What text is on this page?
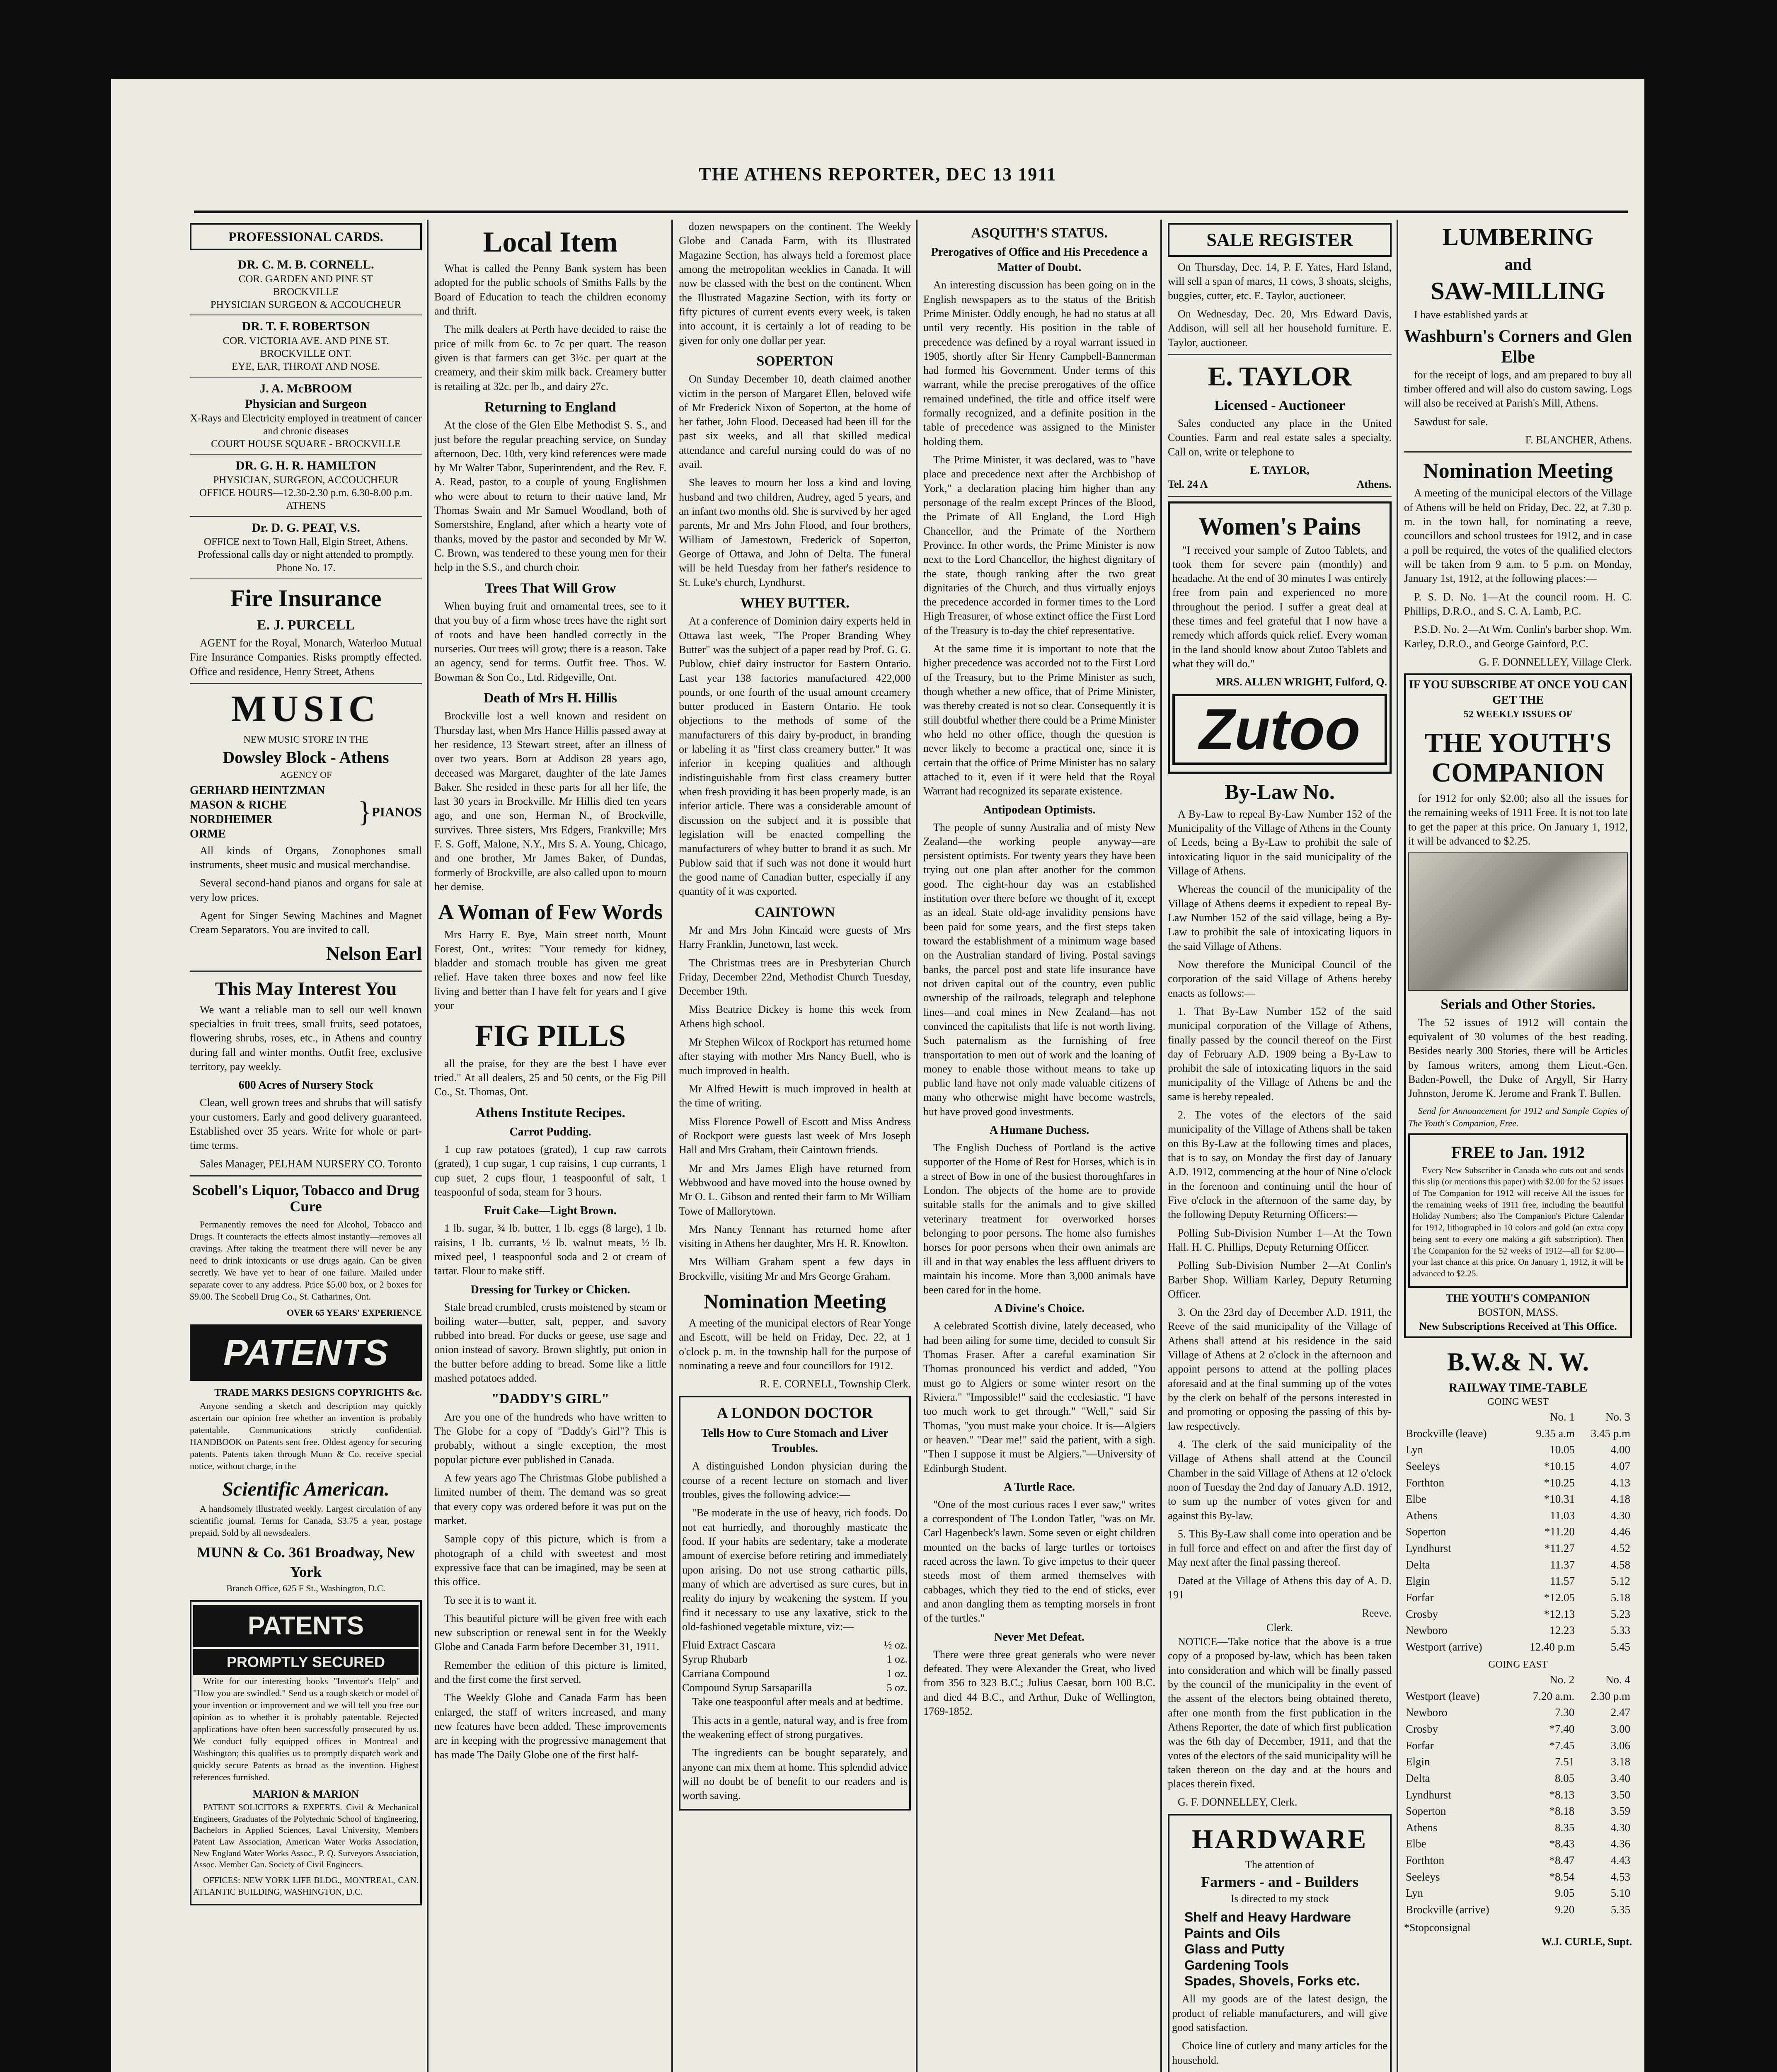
THE ATHENS REPORTER, DEC 13 1911
PROFESSIONAL CARDS.
DR. C. M. B. CORNELL.
COR. GARDEN AND PINE ST
BROCKVILLE
PHYSICIAN SURGEON & ACCOUCHEUR
DR. T. F. ROBERTSON
COR. VICTORIA AVE. AND PINE ST. BROCKVILLE ONT.
EYE, EAR, THROAT AND NOSE.
J. A. McBROOM
Physician and Surgeon
X-Rays and Electricity employed in treatment of cancer and chronic diseases
COURT HOUSE SQUARE - BROCKVILLE
DR. G. H. R. HAMILTON
PHYSICIAN, SURGEON, ACCOUCHEUR
OFFICE HOURS—12.30-2.30 p.m. 6.30-8.00 p.m.
ATHENS
Dr. D. G. PEAT, V.S.
OFFICE next to Town Hall, Elgin Street, Athens.
Professional calls day or night attended to promptly. Phone No. 17.
Fire Insurance
E. J. PURCELL

AGENT for the Royal, Monarch, Waterloo Mutual Fire Insurance Companies. Risks promptly effected. Office and residence, Henry Street, Athens

MUSIC
NEW MUSIC STORE IN THE
Dowsley Block - Athens
AGENCY OF
GERHARD HEINTZMAN
MASON & RICHE
NORDHEIMER
ORME
} PIANOS

All kinds of Organs, Zonophones small instruments, sheet music and musical merchandise.

Several second-hand pianos and organs for sale at very low prices.

Agent for Singer Sewing Machines and Magnet Cream Separators. You are invited to call.

Nelson Earl
This May Interest You

We want a reliable man to sell our well known specialties in fruit trees, small fruits, seed potatoes, flowering shrubs, roses, etc., in Athens and country during fall and winter months. Outfit free, exclusive territory, pay weekly.

600 Acres of Nursery Stock

Clean, well grown trees and shrubs that will satisfy your customers. Early and good delivery guaranteed. Established over 35 years. Write for whole or part-time terms.

Sales Manager, PELHAM NURSERY CO. Toronto

Scobell's Liquor, Tobacco and Drug Cure

Permanently removes the need for Alcohol, Tobacco and Drugs. It counteracts the effects almost instantly—removes all cravings. After taking the treatment there will never be any need to drink intoxicants or use drugs again. Can be given secretly. We have yet to hear of one failure. Mailed under separate cover to any address. Price $5.00 box, or 2 boxes for $9.00. The Scobell Drug Co., St. Catharines, Ont.

OVER 65 YEARS' EXPERIENCE
PATENTS
TRADE MARKS DESIGNS COPYRIGHTS &c.

Anyone sending a sketch and description may quickly ascertain our opinion free whether an invention is probably patentable. Communications strictly confidential. HANDBOOK on Patents sent free. Oldest agency for securing patents. Patents taken through Munn & Co. receive special notice, without charge, in the

Scientific American.

A handsomely illustrated weekly. Largest circulation of any scientific journal. Terms for Canada, $3.75 a year, postage prepaid. Sold by all newsdealers.

MUNN & Co. 361 Broadway, New York
Branch Office, 625 F St., Washington, D.C.
PATENTS
PROMPTLY SECURED

Write for our interesting books "Inventor's Help" and "How you are swindled." Send us a rough sketch or model of your invention or improvement and we will tell you free our opinion as to whether it is probably patentable. Rejected applications have often been successfully prosecuted by us. We conduct fully equipped offices in Montreal and Washington; this qualifies us to promptly dispatch work and quickly secure Patents as broad as the invention. Highest references furnished.

MARION & MARION

PATENT SOLICITORS & EXPERTS. Civil & Mechanical Engineers, Graduates of the Polytechnic School of Engineering, Bachelors in Applied Sciences, Laval University, Members Patent Law Association, American Water Works Association, New England Water Works Assoc., P. Q. Surveyors Association, Assoc. Member Can. Society of Civil Engineers.

OFFICES: NEW YORK LIFE BLDG., MONTREAL, CAN. ATLANTIC BUILDING, WASHINGTON, D.C.

Local Item

What is called the Penny Bank system has been adopted for the public schools of Smiths Falls by the Board of Education to teach the children economy and thrift.

The milk dealers at Perth have decided to raise the price of milk from 6c. to 7c per quart. The reason given is that farmers can get 3½c. per quart at the creamery, and their skim milk back. Creamery butter is retailing at 32c. per lb., and dairy 27c.

Returning to England

At the close of the Glen Elbe Methodist S. S., and just before the regular preaching service, on Sunday afternoon, Dec. 10th, very kind references were made by Mr Walter Tabor, Superintendent, and the Rev. F. A. Read, pastor, to a couple of young Englishmen who were about to return to their native land, Mr Thomas Swain and Mr Samuel Woodland, both of Somerstshire, England, after which a hearty vote of thanks, moved by the pastor and seconded by Mr W. C. Brown, was tendered to these young men for their help in the S.S., and church choir.

Trees That Will Grow

When buying fruit and ornamental trees, see to it that you buy of a firm whose trees have the right sort of roots and have been handled correctly in the nurseries. Our trees will grow; there is a reason. Take an agency, send for terms. Outfit free. Thos. W. Bowman & Son Co., Ltd. Ridgeville, Ont.

Death of Mrs H. Hillis

Brockville lost a well known and resident on Thursday last, when Mrs Hance Hillis passed away at her residence, 13 Stewart street, after an illness of over two years. Born at Addison 28 years ago, deceased was Margaret, daughter of the late James Baker. She resided in these parts for all her life, the last 30 years in Brockville. Mr Hillis died ten years ago, and one son, Herman N., of Brockville, survives. Three sisters, Mrs Edgers, Frankville; Mrs F. S. Goff, Malone, N.Y., Mrs S. A. Young, Chicago, and one brother, Mr James Baker, of Dundas, formerly of Brockville, are also called upon to mourn her demise.

A Woman of Few Words

Mrs Harry E. Bye, Main street north, Mount Forest, Ont., writes: "Your remedy for kidney, bladder and stomach trouble has given me great relief. Have taken three boxes and now feel like living and better than I have felt for years and I give your

FIG PILLS

all the praise, for they are the best I have ever tried." At all dealers, 25 and 50 cents, or the Fig Pill Co., St. Thomas, Ont.

Athens Institute Recipes.
Carrot Pudding.

1 cup raw potatoes (grated), 1 cup raw carrots (grated), 1 cup sugar, 1 cup raisins, 1 cup currants, 1 cup suet, 2 cups flour, 1 teaspoonful of salt, 1 teaspoonful of soda, steam for 3 hours.

Fruit Cake—Light Brown.

1 lb. sugar, ¾ lb. butter, 1 lb. eggs (8 large), 1 lb. raisins, 1 lb. currants, ½ lb. walnut meats, ½ lb. mixed peel, 1 teaspoonful soda and 2 ot cream of tartar. Flour to make stiff.

Dressing for Turkey or Chicken.

Stale bread crumbled, crusts moistened by steam or boiling water—butter, salt, pepper, and savory rubbed into bread. For ducks or geese, use sage and onion instead of savory. Brown slightly, put onion in the butter before adding to bread. Some like a little mashed potatoes added.

"DADDY'S GIRL"

Are you one of the hundreds who have written to The Globe for a copy of "Daddy's Girl"? This is probably, without a single exception, the most popular picture ever published in Canada.

A few years ago The Christmas Globe published a limited number of them. The demand was so great that every copy was ordered before it was put on the market.

Sample copy of this picture, which is from a photograph of a child with sweetest and most expressive face that can be imagined, may be seen at this office.

To see it is to want it.

This beautiful picture will be given free with each new subscription or renewal sent in for the Weekly Globe and Canada Farm before December 31, 1911.

Remember the edition of this picture is limited, and the first come the first served.

The Weekly Globe and Canada Farm has been enlarged, the staff of writers increased, and many new features have been added. These improvements are in keeping with the progressive management that has made The Daily Globe one of the first half-

dozen newspapers on the continent. The Weekly Globe and Canada Farm, with its Illustrated Magazine Section, has always held a foremost place among the metropolitan weeklies in Canada. It will now be classed with the best on the continent. When the Illustrated Magazine Section, with its forty or fifty pictures of current events every week, is taken into account, it is certainly a lot of reading to be given for only one dollar per year.

SOPERTON

On Sunday December 10, death claimed another victim in the person of Margaret Ellen, beloved wife of Mr Frederick Nixon of Soperton, at the home of her father, John Flood. Deceased had been ill for the past six weeks, and all that skilled medical attendance and careful nursing could do was of no avail.

She leaves to mourn her loss a kind and loving husband and two children, Audrey, aged 5 years, and an infant two months old. She is survived by her aged parents, Mr and Mrs John Flood, and four brothers, William of Jamestown, Frederick of Soperton, George of Ottawa, and John of Delta. The funeral will be held Tuesday from her father's residence to St. Luke's church, Lyndhurst.

WHEY BUTTER.

At a conference of Dominion dairy experts held in Ottawa last week, "The Proper Branding Whey Butter" was the subject of a paper read by Prof. G. G. Publow, chief dairy instructor for Eastern Ontario. Last year 138 factories manufactured 422,000 pounds, or one fourth of the usual amount creamery butter produced in Eastern Ontario. He took objections to the methods of some of the manufacturers of this dairy by-product, in branding or labeling it as "first class creamery butter." It was inferior in keeping qualities and although indistinguishable from first class creamery butter when fresh providing it has been properly made, is an inferior article. There was a considerable amount of discussion on the subject and it is possible that legislation will be enacted compelling the manufacturers of whey butter to brand it as such. Mr Publow said that if such was not done it would hurt the good name of Canadian butter, especially if any quantity of it was exported.

CAINTOWN

Mr and Mrs John Kincaid were guests of Mrs Harry Franklin, Junetown, last week.

The Christmas trees are in Presbyterian Church Friday, December 22nd, Methodist Church Tuesday, December 19th.

Miss Beatrice Dickey is home this week from Athens high school.

Mr Stephen Wilcox of Rockport has returned home after staying with mother Mrs Nancy Buell, who is much improved in health.

Mr Alfred Hewitt is much improved in health at the time of writing.

Miss Florence Powell of Escott and Miss Andress of Rockport were guests last week of Mrs Joseph Hall and Mrs Graham, their Caintown friends.

Mr and Mrs James Eligh have returned from Webbwood and have moved into the house owned by Mr O. L. Gibson and rented their farm to Mr William Towe of Mallorytown.

Mrs Nancy Tennant has returned home after visiting in Athens her daughter, Mrs H. R. Knowlton.

Mrs William Graham spent a few days in Brockville, visiting Mr and Mrs George Graham.

Nomination Meeting

A meeting of the municipal electors of Rear Yonge and Escott, will be held on Friday, Dec. 22, at 1 o'clock p. m. in the township hall for the purpose of nominating a reeve and four councillors for 1912.

R. E. CORNELL, Township Clerk.

A LONDON DOCTOR
Tells How to Cure Stomach and Liver Troubles.

A distinguished London physician during the course of a recent lecture on stomach and liver troubles, gives the following advice:—

"Be moderate in the use of heavy, rich foods. Do not eat hurriedly, and thoroughly masticate the food. If your habits are sedentary, take a moderate amount of exercise before retiring and immediately upon arising. Do not use strong cathartic pills, many of which are advertised as sure cures, but in reality do injury by weakening the system. If you find it necessary to use any laxative, stick to the old-fashioned vegetable mixture, viz:—

Fluid Extract Cascara	½ oz.
Syrup Rhubarb	1 oz.
Carriana Compound	1 oz.
Compound Syrup Sarsaparilla	5 oz.

Take one teaspoonful after meals and at bedtime.

This acts in a gentle, natural way, and is free from the weakening effect of strong purgatives.

The ingredients can be bought separately, and anyone can mix them at home. This splendid advice will no doubt be of benefit to our readers and is worth saving.

ASQUITH'S STATUS.
Prerogatives of Office and His Precedence a Matter of Doubt.

An interesting discussion has been going on in the English newspapers as to the status of the British Prime Minister. Oddly enough, he had no status at all until very recently. His position in the table of precedence was defined by a royal warrant issued in 1905, shortly after Sir Henry Campbell-Bannerman had formed his Government. Under terms of this warrant, while the precise prerogatives of the office remained undefined, the title and office itself were formally recognized, and a definite position in the table of precedence was assigned to the Minister holding them.

The Prime Minister, it was declared, was to "have place and precedence next after the Archbishop of York," a declaration placing him higher than any personage of the realm except Princes of the Blood, the Primate of All England, the Lord High Chancellor, and the Primate of the Northern Province. In other words, the Prime Minister is now next to the Lord Chancellor, the highest dignitary of the state, though ranking after the two great dignitaries of the Church, and thus virtually enjoys the precedence accorded in former times to the Lord High Treasurer, of whose extinct office the First Lord of the Treasury is to-day the chief representative.

At the same time it is important to note that the higher precedence was accorded not to the First Lord of the Treasury, but to the Prime Minister as such, though whether a new office, that of Prime Minister, was thereby created is not so clear. Consequently it is still doubtful whether there could be a Prime Minister who held no other office, though the question is never likely to become a practical one, since it is certain that the office of Prime Minister has no salary attached to it, even if it were held that the Royal Warrant had recognized its separate existence.

Antipodean Optimists.

The people of sunny Australia and of misty New Zealand—the working people anyway—are persistent optimists. For twenty years they have been trying out one plan after another for the common good. The eight-hour day was an established institution over there before we thought of it, except as an ideal. State old-age invalidity pensions have been paid for some years, and the first steps taken toward the establishment of a minimum wage based on the Australian standard of living. Postal savings banks, the parcel post and state life insurance have not driven capital out of the country, even public ownership of the railroads, telegraph and telephone lines—and coal mines in New Zealand—has not convinced the capitalists that life is not worth living. Such paternalism as the furnishing of free transportation to men out of work and the loaning of money to enable those without means to take up public land have not only made valuable citizens of many who otherwise might have become wastrels, but have proved good investments.

A Humane Duchess.

The English Duchess of Portland is the active supporter of the Home of Rest for Horses, which is in a street of Bow in one of the busiest thoroughfares in London. The objects of the home are to provide suitable stalls for the animals and to give skilled veterinary treatment for overworked horses belonging to poor persons. The home also furnishes horses for poor persons when their own animals are ill and in that way enables the less affluent drivers to maintain his income. More than 3,000 animals have been cared for in the home.

A Divine's Choice.

A celebrated Scottish divine, lately deceased, who had been ailing for some time, decided to consult Sir Thomas Fraser. After a careful examination Sir Thomas pronounced his verdict and added, "You must go to Algiers or some winter resort on the Riviera." "Impossible!" said the ecclesiastic. "I have too much work to get through." "Well," said Sir Thomas, "you must make your choice. It is—Algiers or heaven." "Dear me!" said the patient, with a sigh. "Then I suppose it must be Algiers."—University of Edinburgh Student.

A Turtle Race.

"One of the most curious races I ever saw," writes a correspondent of The London Tatler, "was on Mr. Carl Hagenbeck's lawn. Some seven or eight children mounted on the backs of large turtles or tortoises raced across the lawn. To give impetus to their queer steeds most of them armed themselves with cabbages, which they tied to the end of sticks, ever and anon dangling them as tempting morsels in front of the turtles."

Never Met Defeat.

There were three great generals who were never defeated. They were Alexander the Great, who lived from 356 to 323 B.C.; Julius Caesar, born 100 B.C. and died 44 B.C., and Arthur, Duke of Wellington, 1769-1852.

SALE REGISTER

On Thursday, Dec. 14, P. F. Yates, Hard Island, will sell a span of mares, 11 cows, 3 shoats, sleighs, buggies, cutter, etc. E. Taylor, auctioneer.

On Wednesday, Dec. 20, Mrs Edward Davis, Addison, will sell all her household furniture. E. Taylor, auctioneer.

E. TAYLOR
Licensed - Auctioneer

Sales conducted any place in the United Counties. Farm and real estate sales a specialty. Call on, write or telephone to

E. TAYLOR,
Tel. 24 A	Athens.
Women's Pains

"I received your sample of Zutoo Tablets, and took them for severe pain (monthly) and headache. At the end of 30 minutes I was entirely free from pain and experienced no more throughout the period. I suffer a great deal at these times and feel grateful that I now have a remedy which affords quick relief. Every woman in the land should know about Zutoo Tablets and what they will do."

MRS. ALLEN WRIGHT, Fulford, Q.

Zutoo
By-Law No.

A By-Law to repeal By-Law Number 152 of the Municipality of the Village of Athens in the County of Leeds, being a By-Law to prohibit the sale of intoxicating liquor in the said municipality of the Village of Athens.

Whereas the council of the municipality of the Village of Athens deems it expedient to repeal By-Law Number 152 of the said village, being a By-Law to prohibit the sale of intoxicating liquors in the said Village of Athens.

Now therefore the Municipal Council of the corporation of the said Village of Athens hereby enacts as follows:—

1. That By-Law Number 152 of the said municipal corporation of the Village of Athens, finally passed by the council thereof on the First day of February A.D. 1909 being a By-Law to prohibit the sale of intoxicating liquors in the said municipality of the Village of Athens be and the same is hereby repealed.

2. The votes of the electors of the said municipality of the Village of Athens shall be taken on this By-Law at the following times and places, that is to say, on Monday the first day of January A.D. 1912, commencing at the hour of Nine o'clock in the forenoon and continuing until the hour of Five o'clock in the afternoon of the same day, by the following Deputy Returning Officers:—

Polling Sub-Division Number 1—At the Town Hall. H. C. Phillips, Deputy Returning Officer.

Polling Sub-Division Number 2—At Conlin's Barber Shop. William Karley, Deputy Returning Officer.

3. On the 23rd day of December A.D. 1911, the Reeve of the said municipality of the Village of Athens shall attend at his residence in the said Village of Athens at 2 o'clock in the afternoon and appoint persons to attend at the polling places aforesaid and at the final summing up of the votes by the clerk on behalf of the persons interested in and promoting or opposing the passing of this by-law respectively.

4. The clerk of the said municipality of the Village of Athens shall attend at the Council Chamber in the said Village of Athens at 12 o'clock noon of Tuesday the 2nd day of January A.D. 1912, to sum up the number of votes given for and against this By-law.

5. This By-Law shall come into operation and be in full force and effect on and after the first day of May next after the final passing thereof.

Dated at the Village of Athens this day of A. D. 191

Reeve.
Clerk.

NOTICE—Take notice that the above is a true copy of a proposed by-law, which has been taken into consideration and which will be finally passed by the council of the municipality in the event of the assent of the electors being obtained thereto, after one month from the first publication in the Athens Reporter, the date of which first publication was the 6th day of December, 1911, and that the votes of the electors of the said municipality will be taken thereon on the day and at the hours and places therein fixed.

G. F. DONNELLEY, Clerk.

HARDWARE
The attention of
Farmers - and - Builders
Is directed to my stock
Shelf and Heavy Hardware
Paints and Oils
Glass and Putty
Gardening Tools
Spades, Shovels, Forks etc.

All my goods are of the latest design, the product of reliable manufacturers, and will give good satisfaction.

Choice line of cutlery and many articles for the household.

LUMBERING
and
SAW-MILLING

I have established yards at

Washburn's Corners and Glen Elbe

for the receipt of logs, and am prepared to buy all timber offered and will also do custom sawing. Logs will also be received at Parish's Mill, Athens.

Sawdust for sale.

F. BLANCHER, Athens.

Nomination Meeting

A meeting of the municipal electors of the Village of Athens will be held on Friday, Dec. 22, at 7.30 p. m. in the town hall, for nominating a reeve, councillors and school trustees for 1912, and in case a poll be required, the votes of the qualified electors will be taken from 9 a.m. to 5 p.m. on Monday, January 1st, 1912, at the following places:—

P. S. D. No. 1—At the council room. H. C. Phillips, D.R.O., and S. C. A. Lamb, P.C.

P.S.D. No. 2—At Wm. Conlin's barber shop. Wm. Karley, D.R.O., and George Gainford, P.C.

G. F. DONNELLEY, Village Clerk.

IF YOU SUBSCRIBE AT ONCE YOU CAN GET THE
52 WEEKLY ISSUES OF
THE YOUTH'S COMPANION

for 1912 for only $2.00; also all the issues for the remaining weeks of 1911 Free. It is not too late to get the paper at this price. On January 1, 1912, it will be advanced to $2.25.

Serials and Other Stories.

The 52 issues of 1912 will contain the equivalent of 30 volumes of the best reading. Besides nearly 300 Stories, there will be Articles by famous writers, among them Lieut.-Gen. Baden-Powell, the Duke of Argyll, Sir Harry Johnston, Jerome K. Jerome and Frank T. Bullen.

Send for Announcement for 1912 and Sample Copies of The Youth's Companion, Free.

FREE to Jan. 1912

Every New Subscriber in Canada who cuts out and sends this slip (or mentions this paper) with $2.00 for the 52 issues of The Companion for 1912 will receive All the issues for the remaining weeks of 1911 free, including the beautiful Holiday Numbers; also The Companion's Picture Calendar for 1912, lithographed in 10 colors and gold (an extra copy being sent to every one making a gift subscription). Then The Companion for the 52 weeks of 1912—all for $2.00—your last chance at this price. On January 1, 1912, it will be advanced to $2.25.

THE YOUTH'S COMPANION
BOSTON, MASS.
New Subscriptions Received at This Office.
B.W.& N. W.
RAILWAY TIME-TABLE
GOING WEST
	No. 1	No. 3
Brockville (leave)	9.35 a.m	3.45 p.m
Lyn	10.05	4.00
Seeleys	*10.15	4.07
Forthton	*10.25	4.13
Elbe	*10.31	4.18
Athens	11.03	4.30
Soperton	*11.20	4.46
Lyndhurst	*11.27	4.52
Delta	11.37	4.58
Elgin	11.57	5.12
Forfar	*12.05	5.18
Crosby	*12.13	5.23
Newboro	12.23	5.33
Westport (arrive)	12.40 p.m	5.45
GOING EAST
	No. 2	No. 4
Westport (leave)	7.20 a.m.	2.30 p.m
Newboro	7.30	2.47
Crosby	*7.40	3.00
Forfar	*7.45	3.06
Elgin	7.51	3.18
Delta	8.05	3.40
Lyndhurst	*8.13	3.50
Soperton	*8.18	3.59
Athens	8.35	4.30
Elbe	*8.43	4.36
Forthton	*8.47	4.43
Seeleys	*8.54	4.53
Lyn	9.05	5.10
Brockville (arrive)	9.20	5.35
*Stopconsignal
W.J. CURLE, Supt.
